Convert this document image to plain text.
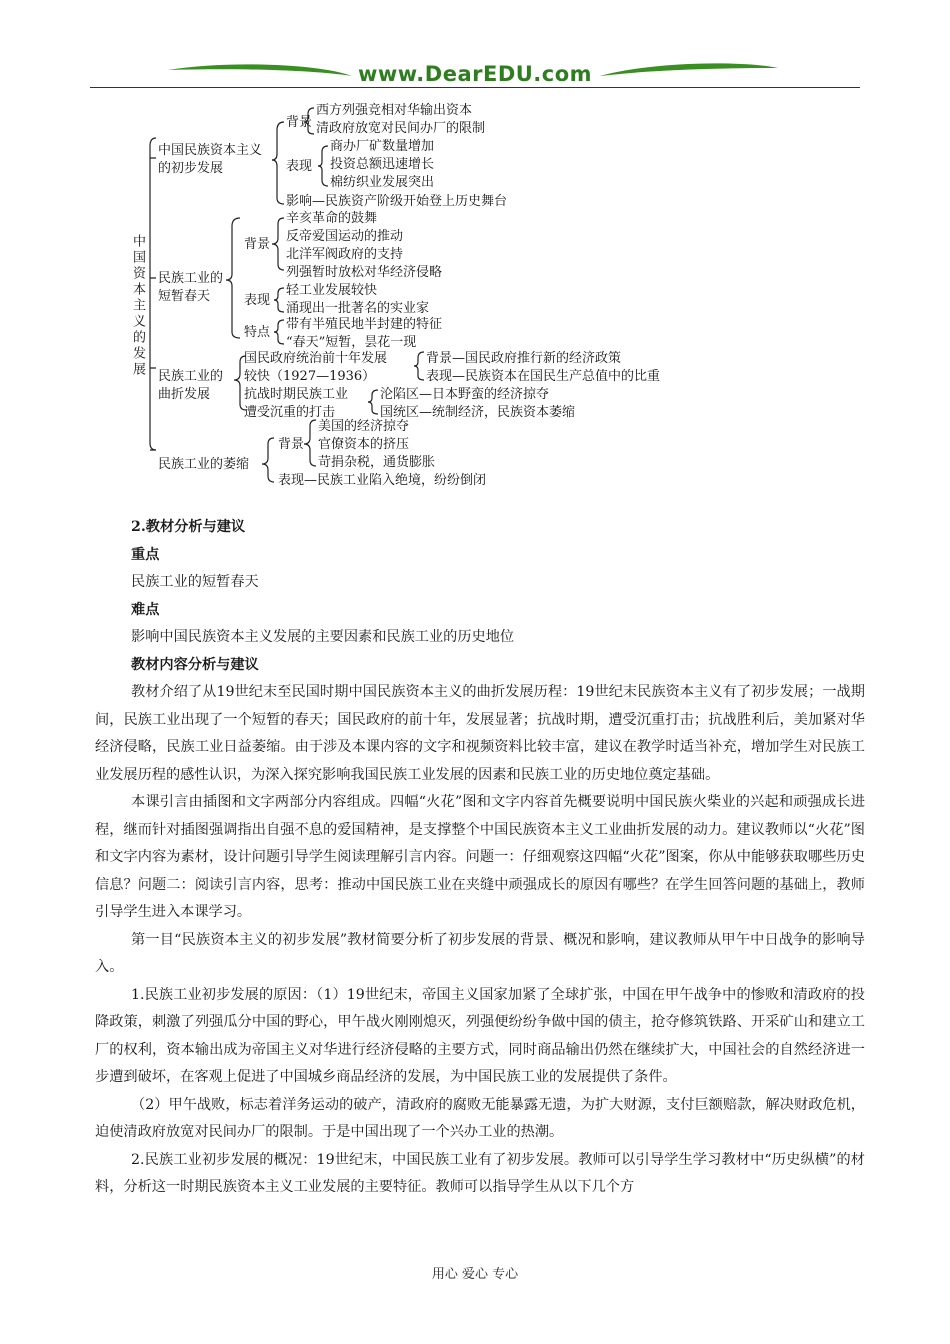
www.DearEDU.com
中国资本主义的发展
中国民族资本主义
的初步发展
背景
西方列强竞相对华输出资本
清政府放宽对民间办厂的限制
表现
商办厂矿数量增加
投资总额迅速增长
棉纺织业发展突出
影响—民族资产阶级开始登上历史舞台
民族工业的
短暂春天
背景
辛亥革命的鼓舞
反帝爱国运动的推动
北洋军阀政府的支持
列强暂时放松对华经济侵略
表现
轻工业发展较快
涌现出一批著名的实业家
特点
带有半殖民地半封建的特征
“春天”短暂，昙花一现
民族工业的
曲折发展
国民政府统治前十年发展
较快（1927—1936）
背景—国民政府推行新的经济政策
表现—民族资本在国民生产总值中的比重
抗战时期民族工业
遭受沉重的打击
沦陷区—日本野蛮的经济掠夺
国统区—统制经济，民族资本萎缩
民族工业的萎缩
背景
美国的经济掠夺
官僚资本的挤压
苛捐杂税，通货膨胀
表现—民族工业陷入绝境，纷纷倒闭

2.教材分析与建议

重点

民族工业的短暂春天

难点

影响中国民族资本主义发展的主要因素和民族工业的历史地位

教材内容分析与建议

教材介绍了从19世纪末至民国时期中国民族资本主义的曲折发展历程：19世纪末民族资本主义有了初步发展；一战期间，民族工业出现了一个短暂的春天；国民政府的前十年，发展显著；抗战时期，遭受沉重打击；抗战胜利后，美加紧对华经济侵略，民族工业日益萎缩。由于涉及本课内容的文字和视频资料比较丰富，建议在教学时适当补充，增加学生对民族工业发展历程的感性认识，为深入探究影响我国民族工业发展的因素和民族工业的历史地位奠定基础。

本课引言由插图和文字两部分内容组成。四幅“火花”图和文字内容首先概要说明中国民族火柴业的兴起和顽强成长进程，继而针对插图强调指出自强不息的爱国精神，是支撑整个中国民族资本主义工业曲折发展的动力。建议教师以“火花”图和文字内容为素材，设计问题引导学生阅读理解引言内容。问题一：仔细观察这四幅“火花”图案，你从中能够获取哪些历史信息？问题二：阅读引言内容，思考：推动中国民族工业在夹缝中顽强成长的原因有哪些？在学生回答问题的基础上，教师引导学生进入本课学习。

第一目“民族资本主义的初步发展”教材简要分析了初步发展的背景、概况和影响，建议教师从甲午中日战争的影响导入。

1.民族工业初步发展的原因：（1）19世纪末，帝国主义国家加紧了全球扩张，中国在甲午战争中的惨败和清政府的投降政策，刺激了列强瓜分中国的野心，甲午战火刚刚熄灭，列强便纷纷争做中国的债主，抢夺修筑铁路、开采矿山和建立工厂的权利，资本输出成为帝国主义对华进行经济侵略的主要方式，同时商品输出仍然在继续扩大，中国社会的自然经济进一步遭到破坏，在客观上促进了中国城乡商品经济的发展，为中国民族工业的发展提供了条件。

（2）甲午战败，标志着洋务运动的破产，清政府的腐败无能暴露无遗，为扩大财源，支付巨额赔款，解决财政危机，迫使清政府放宽对民间办厂的限制。于是中国出现了一个兴办工业的热潮。

2.民族工业初步发展的概况：19世纪末，中国民族工业有了初步发展。教师可以引导学生学习教材中“历史纵横”的材料，分析这一时期民族资本主义工业发展的主要特征。教师可以指导学生从以下几个方

用心 爱心 专心
